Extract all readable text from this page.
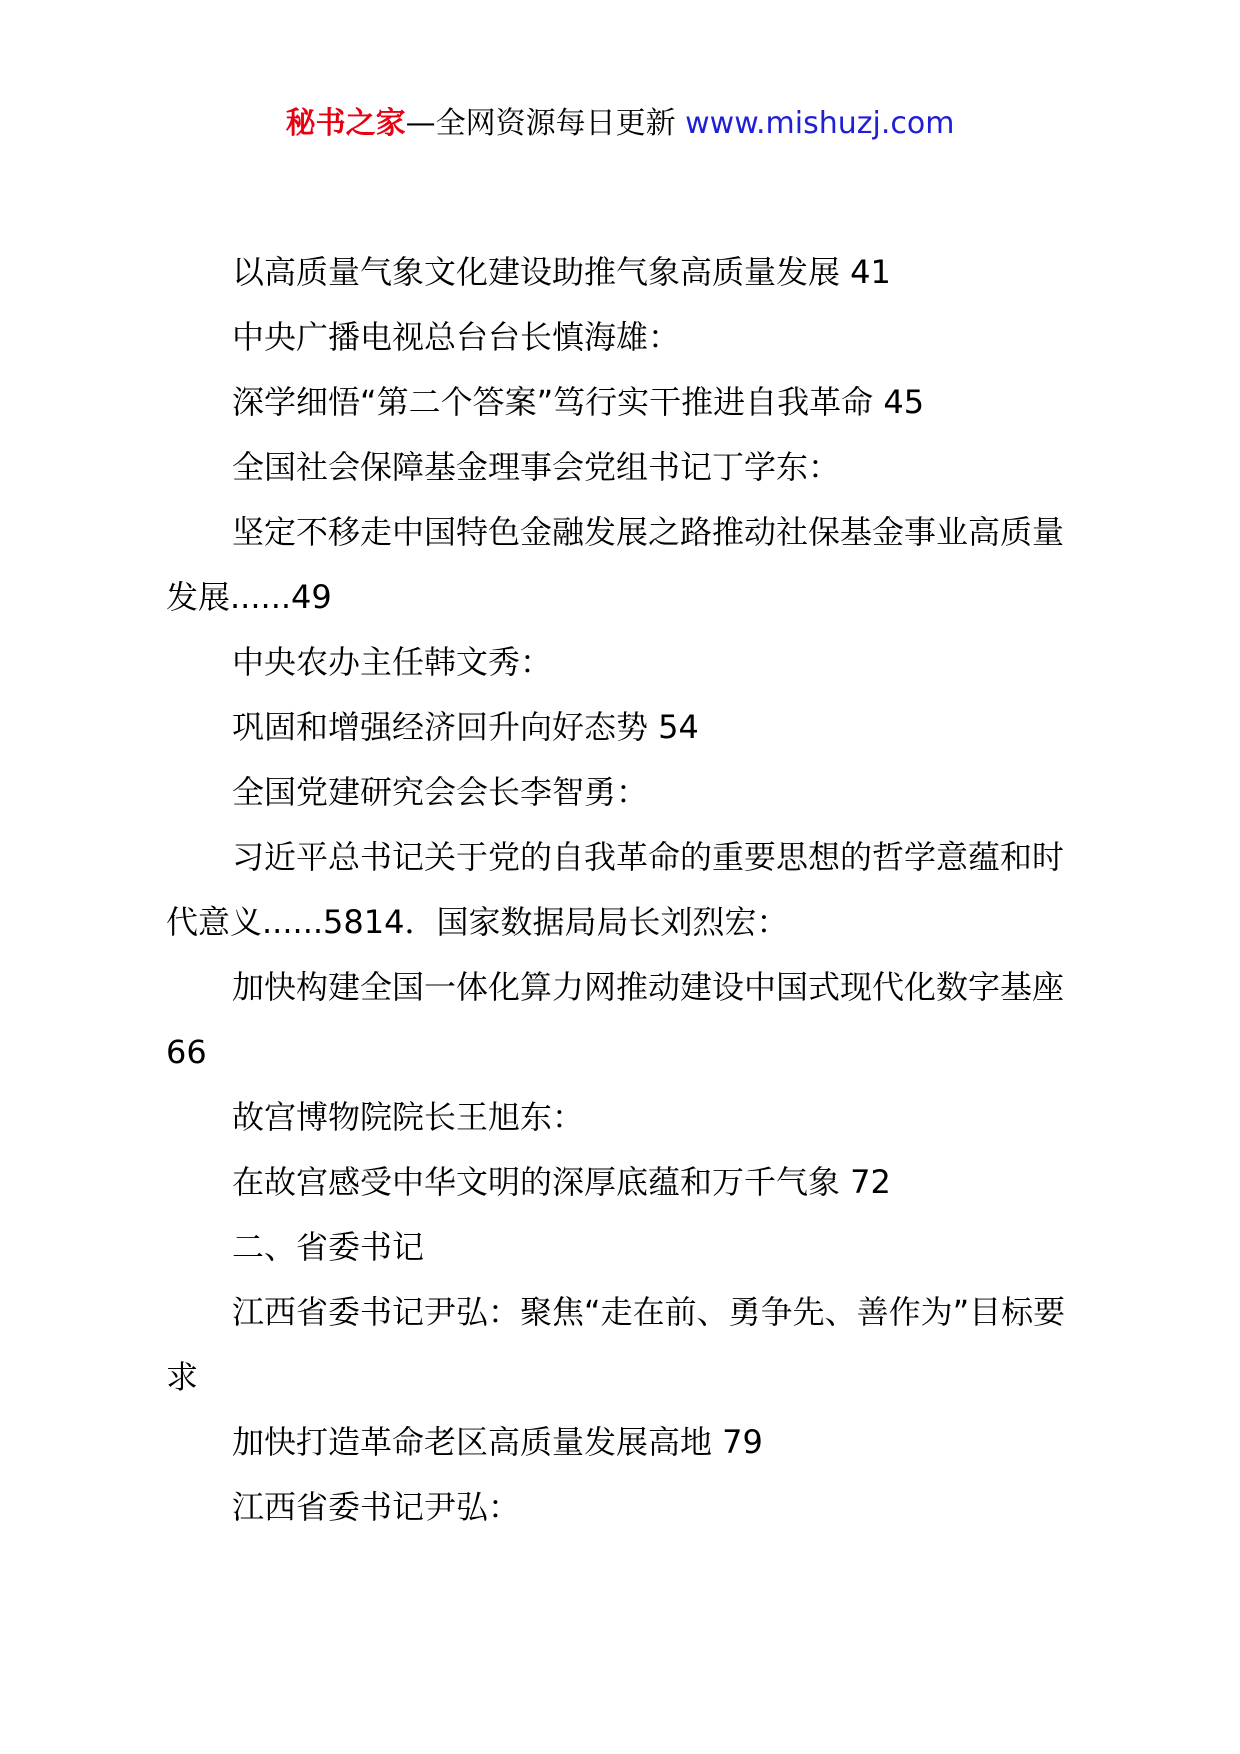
秘书之家—全网资源每日更新 www.mishuzj.com

以高质量气象文化建设助推气象高质量发展 41

中央广播电视总台台长慎海雄：

深学细悟“第二个答案”笃行实干推进自我革命 45

全国社会保障基金理事会党组书记丁学东：

坚定不移走中国特色金融发展之路推动社保基金事业高质量发展......49

中央农办主任韩文秀：

巩固和增强经济回升向好态势 54

全国党建研究会会长李智勇：

习近平总书记关于党的自我革命的重要思想的哲学意蕴和时代意义......5814．国家数据局局长刘烈宏：

加快构建全国一体化算力网推动建设中国式现代化数字基座 66

故宫博物院院长王旭东：

在故宫感受中华文明的深厚底蕴和万千气象 72

二、省委书记

江西省委书记尹弘：聚焦“走在前、勇争先、善作为”目标要求

加快打造革命老区高质量发展高地 79

江西省委书记尹弘：
